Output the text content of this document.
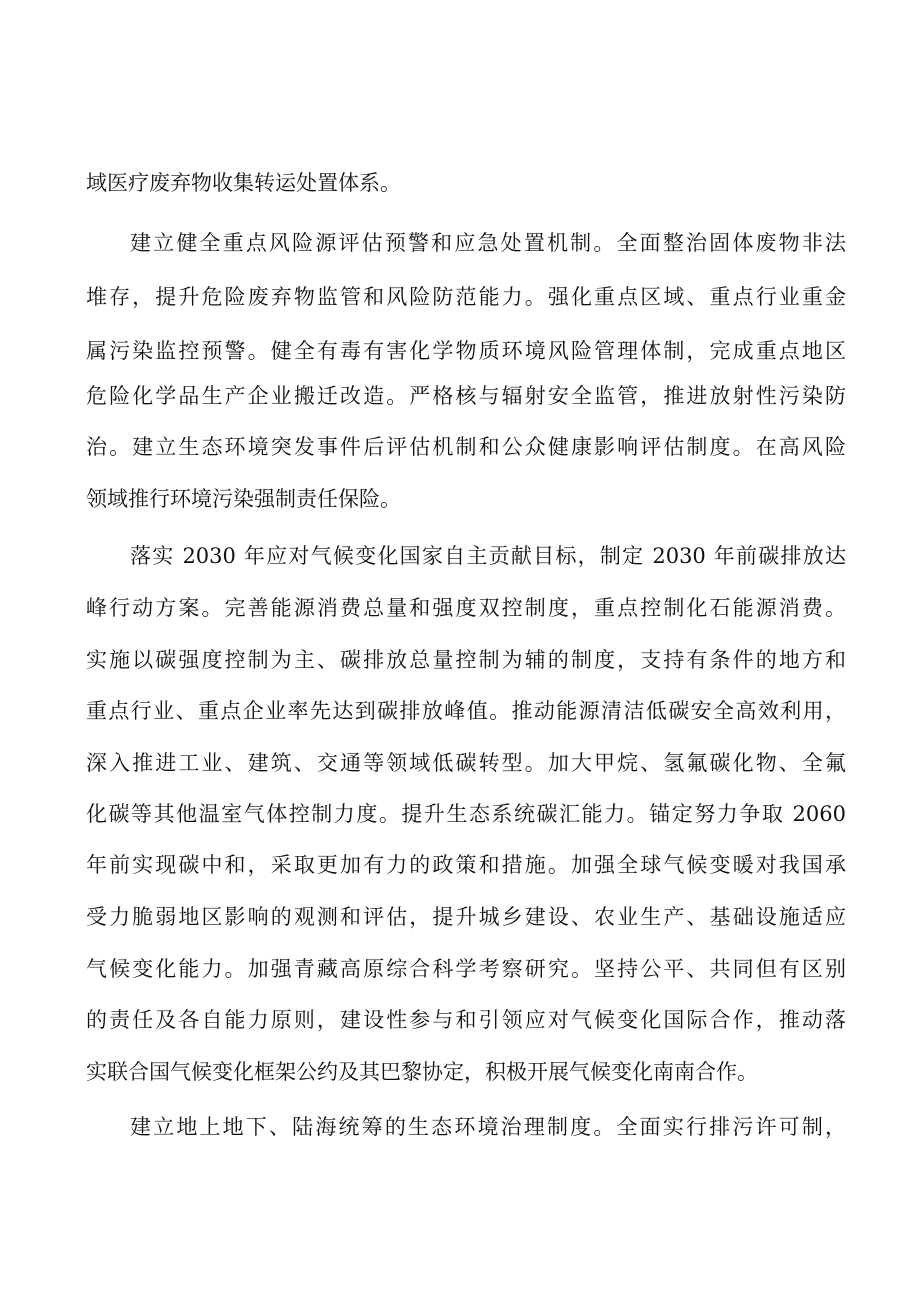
域医疗废弃物收集转运处置体系。
建立健全重点风险源评估预警和应急处置机制。全面整治固体废物非法
堆存，提升危险废弃物监管和风险防范能力。强化重点区域、重点行业重金
属污染监控预警。健全有毒有害化学物质环境风险管理体制，完成重点地区
危险化学品生产企业搬迁改造。严格核与辐射安全监管，推进放射性污染防
治。建立生态环境突发事件后评估机制和公众健康影响评估制度。在高风险
领域推行环境污染强制责任保险。
落实 2030 年应对气候变化国家自主贡献目标，制定 2030 年前碳排放达
峰行动方案。完善能源消费总量和强度双控制度，重点控制化石能源消费。
实施以碳强度控制为主、碳排放总量控制为辅的制度，支持有条件的地方和
重点行业、重点企业率先达到碳排放峰值。推动能源清洁低碳安全高效利用，
深入推进工业、建筑、交通等领域低碳转型。加大甲烷、氢氟碳化物、全氟
化碳等其他温室气体控制力度。提升生态系统碳汇能力。锚定努力争取 2060
年前实现碳中和，采取更加有力的政策和措施。加强全球气候变暖对我国承
受力脆弱地区影响的观测和评估，提升城乡建设、农业生产、基础设施适应
气候变化能力。加强青藏高原综合科学考察研究。坚持公平、共同但有区别
的责任及各自能力原则，建设性参与和引领应对气候变化国际合作，推动落
实联合国气候变化框架公约及其巴黎协定，积极开展气候变化南南合作。
建立地上地下、陆海统筹的生态环境治理制度。全面实行排污许可制，
